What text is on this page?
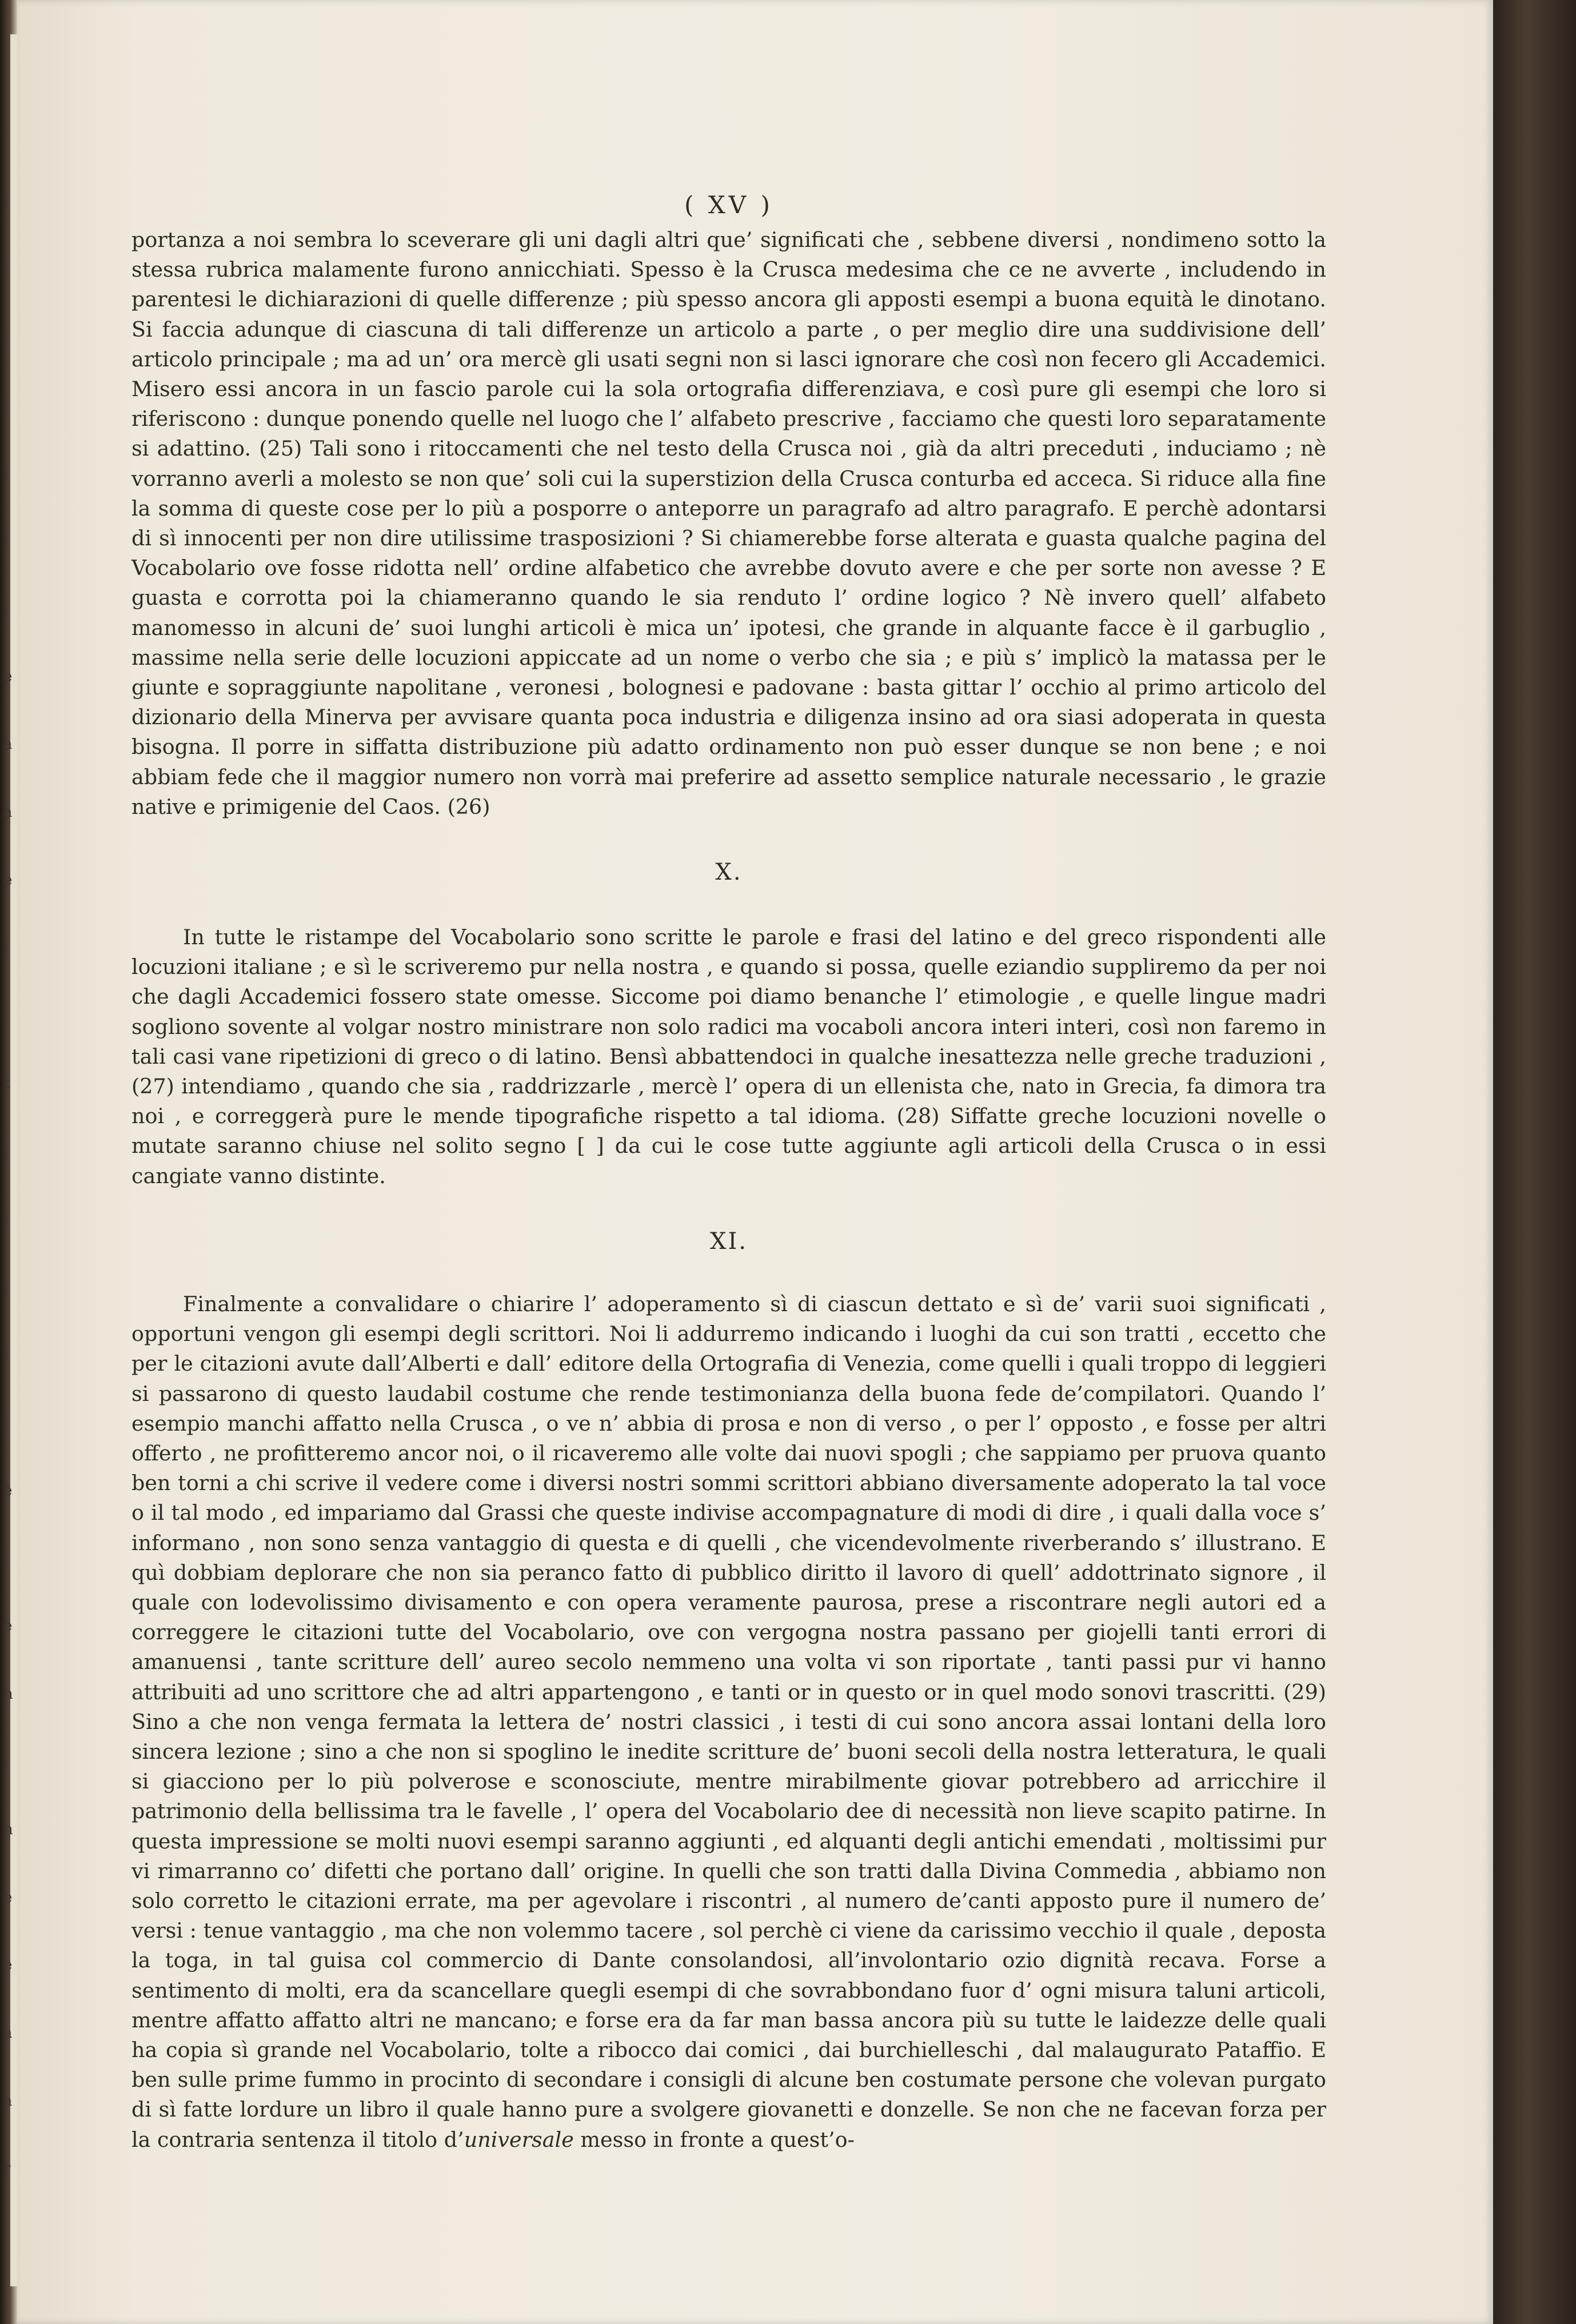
i
i
l
i
i
l
i
e
a
a
e
i
l
t
i
i
i
i
i
è
i
e
n
i
n
e
e
a
a
r
( XV )

portanza a noi sembra lo sceverare gli uni dagli altri que’ significati che , sebbene diversi , nondimeno sotto la stessa rubrica malamente furono annicchiati. Spesso è la Crusca medesima che ce ne avverte , includendo in parentesi le dichiarazioni di quelle differenze ; più spesso ancora gli apposti esempi a buona equità le dinotano. Si faccia adunque di ciascuna di tali differenze un articolo a parte , o per meglio dire una suddivisione dell’ articolo principale ; ma ad un’ ora mercè gli usati segni non si lasci ignorare che così non fecero gli Accademici. Misero essi ancora in un fascio parole cui la sola ortografia differenziava, e così pure gli esempi che loro si riferiscono : dunque ponendo quelle nel luogo che l’ alfabeto prescrive , facciamo che questi loro separatamente si adattino. (25) Tali sono i ritoccamenti che nel testo della Crusca noi , già da altri preceduti , induciamo ; nè vorranno averli a molesto se non que’ soli cui la superstizion della Crusca conturba ed acceca. Si riduce alla fine la somma di queste cose per lo più a posporre o anteporre un paragrafo ad altro paragrafo. E perchè adontarsi di sì innocenti per non dire utilissime trasposizioni ? Si chiamerebbe forse alterata e guasta qualche pagina del Vocabolario ove fosse ridotta nell’ ordine alfabetico che avrebbe dovuto avere e che per sorte non avesse ? E guasta e corrotta poi la chiameranno quando le sia renduto l’ ordine logico ? Nè invero quell’ alfabeto manomesso in alcuni de’ suoi lunghi articoli è mica un’ ipotesi, che grande in alquante facce è il garbuglio , massime nella serie delle locuzioni appiccate ad un nome o verbo che sia ; e più s’ implicò la matassa per le giunte e sopraggiunte napolitane , veronesi , bolognesi e padovane : basta gittar l’ occhio al primo articolo del dizionario della Minerva per avvisare quanta poca industria e diligenza insino ad ora siasi adoperata in questa bisogna. Il porre in siffatta distribuzione più adatto ordinamento non può esser dunque se non bene ; e noi abbiam fede che il maggior numero non vorrà mai preferire ad assetto semplice naturale necessario , le grazie native e primigenie del Caos. (26)

X.

In tutte le ristampe del Vocabolario sono scritte le parole e frasi del latino e del greco rispondenti alle locuzioni italiane ; e sì le scriveremo pur nella nostra , e quando si possa, quelle eziandio suppliremo da per noi che dagli Accademici fossero state omesse. Siccome poi diamo benanche l’ etimologie , e quelle lingue madri sogliono sovente al volgar nostro ministrare non solo radici ma vocaboli ancora interi interi, così non faremo in tali casi vane ripetizioni di greco o di latino. Bensì abbattendoci in qualche inesattezza nelle greche traduzioni , (27) intendiamo , quando che sia , raddrizzarle , mercè l’ opera di un ellenista che, nato in Grecia, fa dimora tra noi , e correggerà pure le mende tipografiche rispetto a tal idioma. (28) Siffatte greche locuzioni novelle o mutate saranno chiuse nel solito segno [ ] da cui le cose tutte aggiunte agli articoli della Crusca o in essi cangiate vanno distinte.

XI.

Finalmente a convalidare o chiarire l’ adoperamento sì di ciascun dettato e sì de’ varii suoi significati , opportuni vengon gli esempi degli scrittori. Noi li addurremo indicando i luoghi da cui son tratti , eccetto che per le citazioni avute dall’Alberti e dall’ editore della Ortografia di Venezia, come quelli i quali troppo di leggieri si passarono di questo laudabil costume che rende testimonianza della buona fede de’compilatori. Quando l’ esempio manchi affatto nella Crusca , o ve n’ abbia di prosa e non di verso , o per l’ opposto , e fosse per altri offerto , ne profitteremo ancor noi, o il ricaveremo alle volte dai nuovi spogli ; che sappiamo per pruova quanto ben torni a chi scrive il vedere come i diversi nostri sommi scrittori abbiano diversamente adoperato la tal voce o il tal modo , ed impariamo dal Grassi che queste indivise accompagnature di modi di dire , i quali dalla voce s’ informano , non sono senza vantaggio di questa e di quelli , che vicendevolmente riverberando s’ illustrano. E quì dobbiam deplorare che non sia peranco fatto di pubblico diritto il lavoro di quell’ addottrinato signore , il quale con lodevolissimo divisamento e con opera veramente paurosa, prese a riscontrare negli autori ed a correggere le citazioni tutte del Vocabolario, ove con vergogna nostra passano per giojelli tanti errori di amanuensi , tante scritture dell’ aureo secolo nemmeno una volta vi son riportate , tanti passi pur vi hanno attribuiti ad uno scrittore che ad altri appartengono , e tanti or in questo or in quel modo sonovi trascritti. (29) Sino a che non venga fermata la lettera de’ nostri classici , i testi di cui sono ancora assai lontani della loro sincera lezione ; sino a che non si spoglino le inedite scritture de’ buoni secoli della nostra letteratura, le quali si giacciono per lo più polverose e sconosciute, mentre mirabilmente giovar potrebbero ad arricchire il patrimonio della bellissima tra le favelle , l’ opera del Vocabolario dee di necessità non lieve scapito patirne. In questa impressione se molti nuovi esempi saranno aggiunti , ed alquanti degli antichi emendati , moltissimi pur vi rimarranno co’ difetti che portano dall’ origine. In quelli che son tratti dalla Divina Commedia , abbiamo non solo corretto le citazioni errate, ma per agevolare i riscontri , al numero de’canti apposto pure il numero de’ versi : tenue vantaggio , ma che non volemmo tacere , sol perchè ci viene da carissimo vecchio il quale , deposta la toga, in tal guisa col commercio di Dante consolandosi, all’involontario ozio dignità recava. Forse a sentimento di molti, era da scancellare quegli esempi di che sovrabbondano fuor d’ ogni misura taluni articoli, mentre affatto affatto altri ne mancano; e forse era da far man bassa ancora più su tutte le laidezze delle quali ha copia sì grande nel Vocabolario, tolte a ribocco dai comici , dai burchielleschi , dal malaugurato Pataffio. E ben sulle prime fummo in procinto di secondare i consigli di alcune ben costumate persone che volevan purgato di sì fatte lordure un libro il quale hanno pure a svolgere giovanetti e donzelle. Se non che ne facevan forza per la contraria sentenza il titolo d’universale messo in fronte a quest’o-
